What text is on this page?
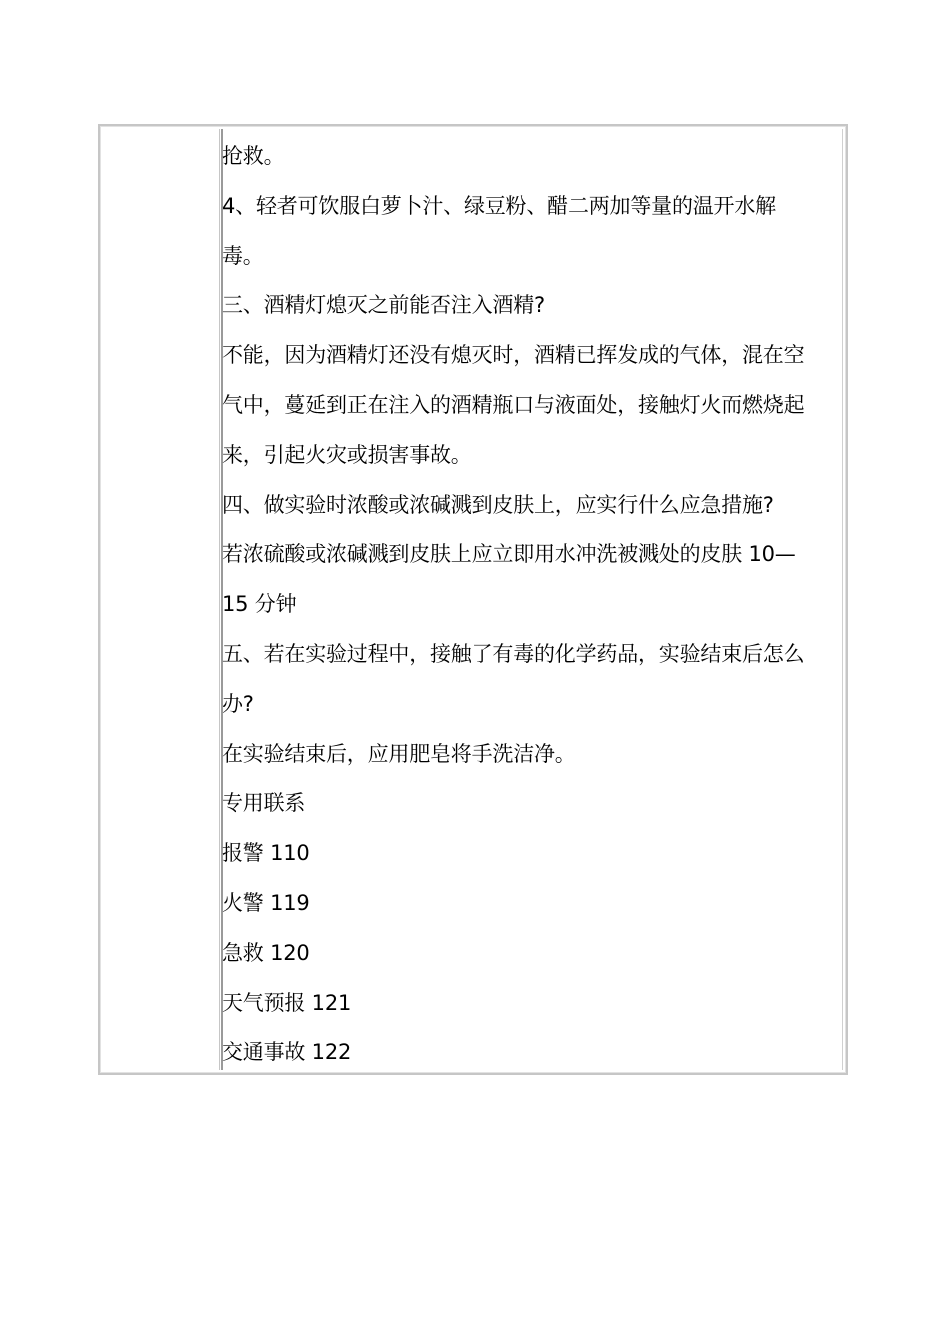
抢救。
4、轻者可饮服白萝卜汁、绿豆粉、醋二两加等量的温开水解
毒。
三、酒精灯熄灭之前能否注入酒精?
不能，因为酒精灯还没有熄灭时，酒精已挥发成的气体，混在空
气中，蔓延到正在注入的酒精瓶口与液面处，接触灯火而燃烧起
来，引起火灾或损害事故。
四、做实验时浓酸或浓碱溅到皮肤上，应实行什么应急措施?
若浓硫酸或浓碱溅到皮肤上应立即用水冲洗被溅处的皮肤 10—
15 分钟
五、若在实验过程中，接触了有毒的化学药品，实验结束后怎么
办?
在实验结束后，应用肥皂将手洗洁净。
专用联系
报警 110
火警 119
急救 120
天气预报 121
交通事故 122
